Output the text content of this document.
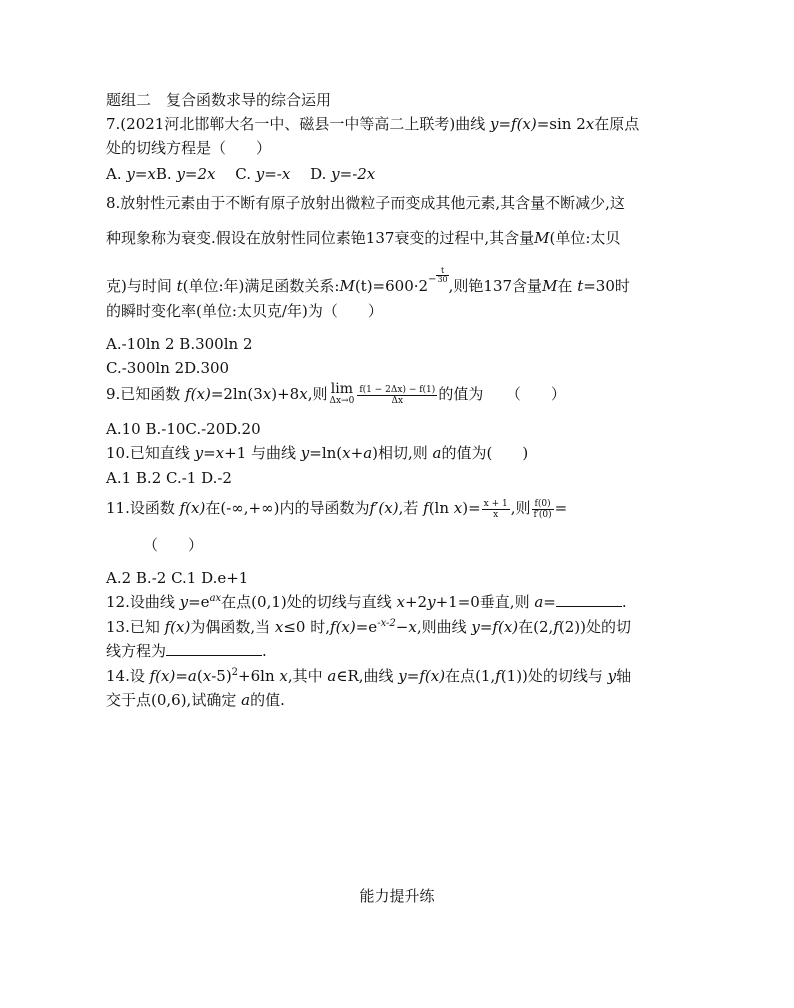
题组二　复合函数求导的综合运用
7.(2021河北邯郸大名一中、磁县一中等高二上联考)曲线 y=f(x)=sin 2x在原点
处的切线方程是（　　）
A. y=xB. y=2x　 C. y=-x　 D. y=-2x
8.放射性元素由于不断有原子放射出微粒子而变成其他元素,其含量不断减少,这
种现象称为衰变.假设在放射性同位素铯137衰变的过程中,其含量M(单位:太贝
克)与时间 t(单位:年)满足函数关系:M(t)=600·2− $\frac{t}{30}$
,则铯137含量M在 t=30时
的瞬时变化率(单位:太贝克/年)为（　　）
A.-10ln 2 B.300ln 2
C.-300ln 2D.300
9.已知函数 f(x)=2ln(3x)+8x,则 lim
$\Delta x\to 0 \frac{f(1 - 2\Delta x) - f(1)}{\Delta x}$ 的值为　　（　　）
A.10 B.-10C.-20D.20
10.已知直线 y=x+1 与曲线 y=ln(x+a)相切,则 a的值为(　　)
A.1 B.2 C.-1 D.-2
11.设函数 f(x)在(-∞,+∞)内的导函数为f′(x),若 f(ln $x)= \frac{x + 1}{x}$ ,则 $\frac{f(0)}{f'(0)}$ =
（　　）
A.2 B.-2 C.1 D.e+1
12.设曲线 $y=e^{ax}$在点(0,1)处的切线与直线 x+2y+1=0垂直,则 a=	.
13.已知 f(x)为偶函数,当 x≤0 时$,f(x)=e^{-x-2}-x$,则曲线 y=f(x)在(2,f(2))处的切
线方程为	.
14.设 $f(x)=a(x-5)^2+6\ln$ x,其中 a∈R,曲线 y=f(x)在点(1,f(1))处的切线与 y轴
交于点(0,6),试确定 a的值.
能力提升练
